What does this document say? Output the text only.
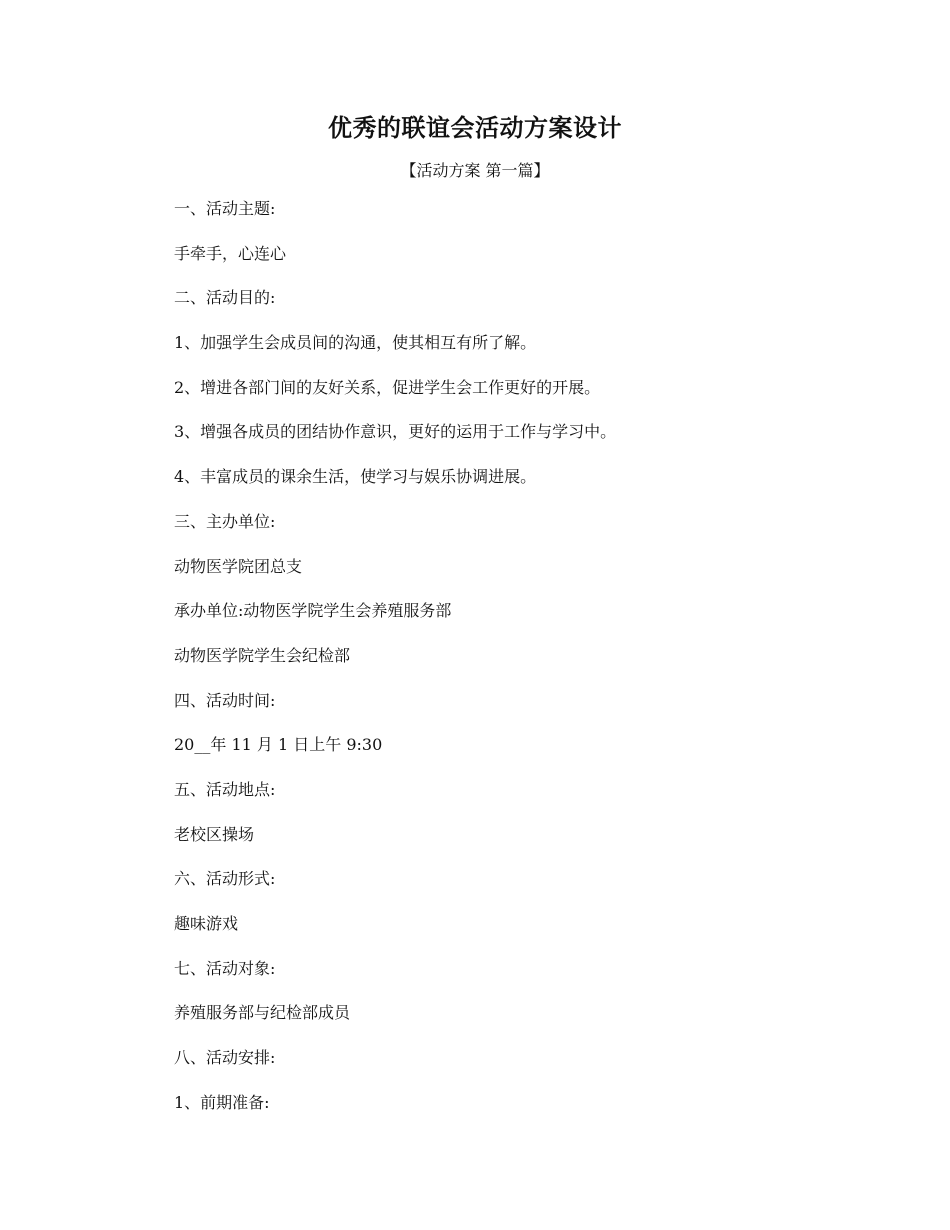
优秀的联谊会活动方案设计

【活动方案 第一篇】

一、活动主题:

手牵手，心连心

二、活动目的:

1、加强学生会成员间的沟通，使其相互有所了解。

2、增进各部门间的友好关系，促进学生会工作更好的开展。

3、增强各成员的团结协作意识，更好的运用于工作与学习中。

4、丰富成员的课余生活，使学习与娱乐协调进展。

三、主办单位:

动物医学院团总支

承办单位:动物医学院学生会养殖服务部

动物医学院学生会纪检部

四、活动时间:

20__年 11 月 1 日上午 9:30

五、活动地点:

老校区操场

六、活动形式:

趣味游戏

七、活动对象:

养殖服务部与纪检部成员

八、活动安排:

1、前期准备:
